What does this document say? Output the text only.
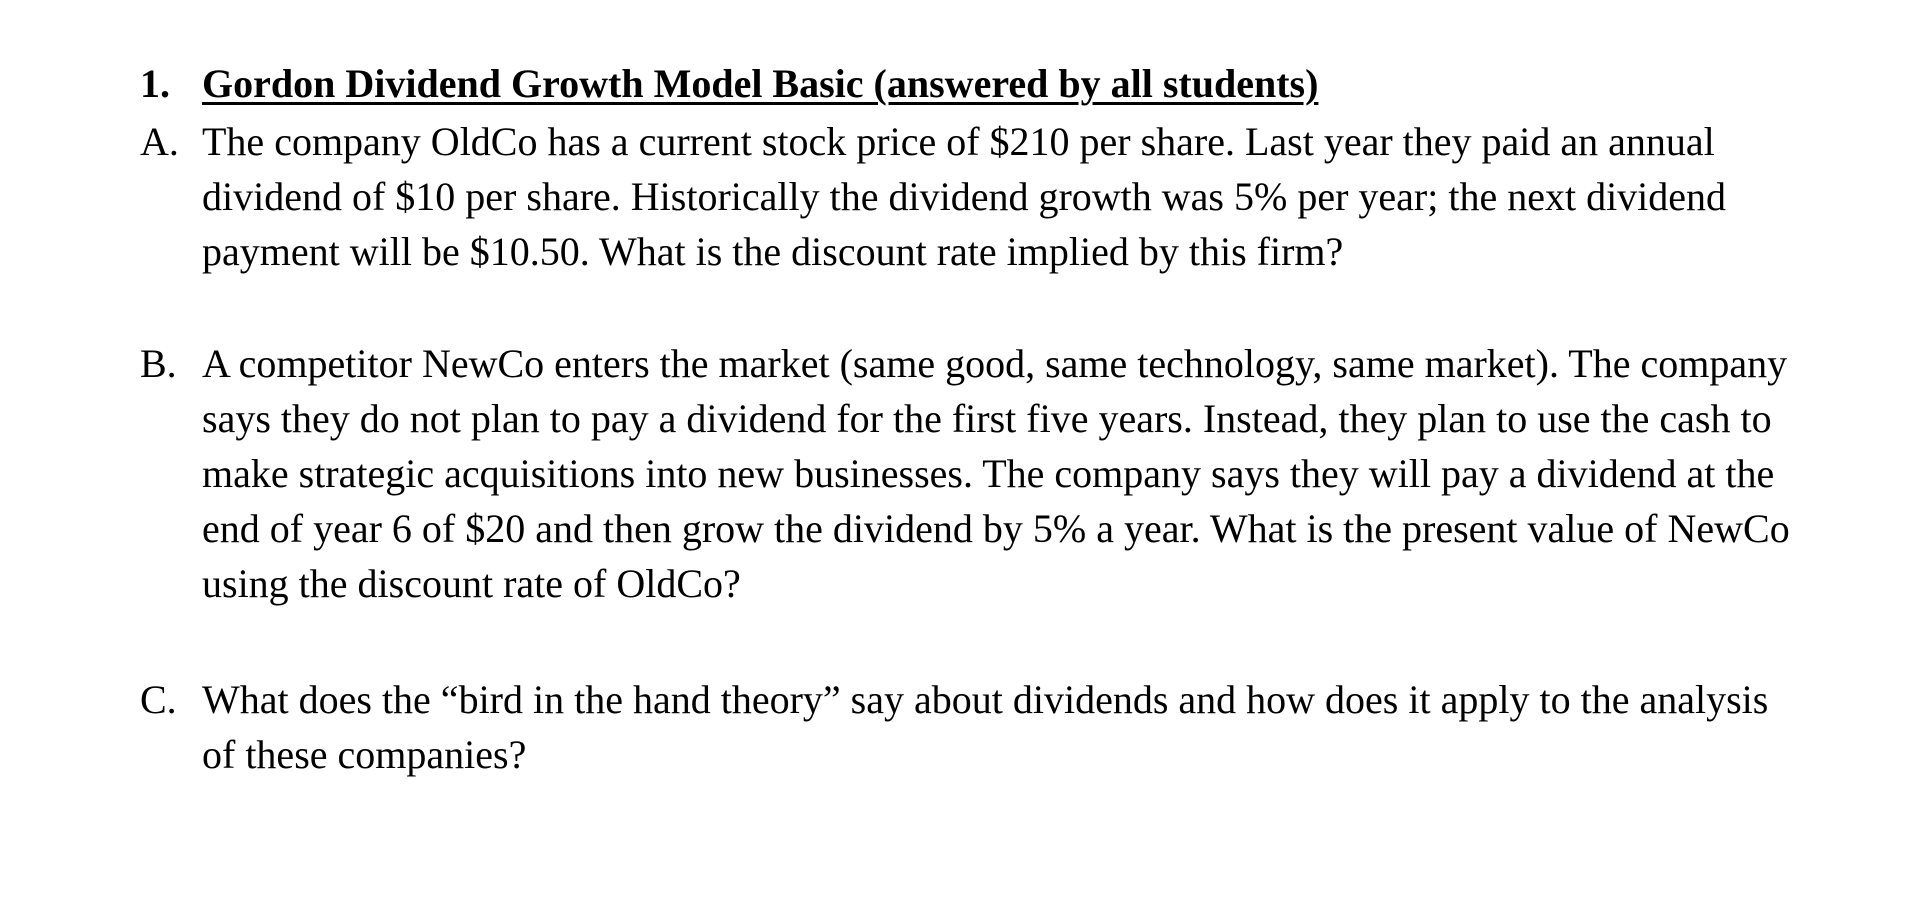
1. Gordon Dividend Growth Model Basic (answered by all students)
A. The company OldCo has a current stock price of $210 per share. Last year they paid an annual dividend of $10 per share. Historically the dividend growth was 5% per year; the next dividend payment will be $10.50. What is the discount rate implied by this firm?
B. A competitor NewCo enters the market (same good, same technology, same market). The company says they do not plan to pay a dividend for the first five years. Instead, they plan to use the cash to make strategic acquisitions into new businesses. The company says they will pay a dividend at the end of year 6 of $20 and then grow the dividend by 5% a year. What is the present value of NewCo using the discount rate of OldCo?
C. What does the “bird in the hand theory” say about dividends and how does it apply to the analysis of these companies?
